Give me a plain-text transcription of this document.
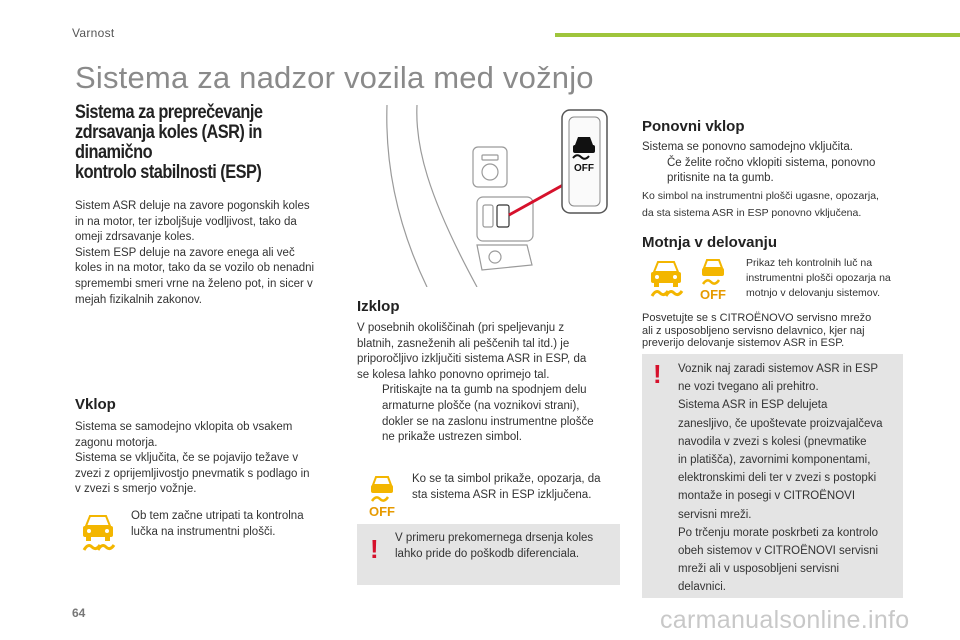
Varnost
Sistema za nadzor vozila med vožnjo
Sistema za preprečevanje
zdrsavanja koles (ASR) in dinamično
kontrolo stabilnosti (ESP)
Sistem ASR deluje na zavore pogonskih koles
in na motor, ter izboljšuje vodljivost, tako da
omeji zdrsavanje koles.
Sistem ESP deluje na zavore enega ali več
koles in na motor, tako da se vozilo ob nenadni
spremembi smeri vrne na želeno pot, in sicer v
mejah fizikalnih zakonov.
Vklop
Sistema se samodejno vklopita ob vsakem
zagonu motorja.
Sistema se vključita, če se pojavijo težave v
zvezi z oprijemljivostjo pnevmatik s podlago in
v zvezi s smerjo vožnje.
Ob tem začne utripati ta kontrolna
lučka na instrumentni plošči.
OFF
Izklop
V posebnih okoliščinah (pri speljevanju z
blatnih, zasneženih ali peščenih tal itd.) je
priporočljivo izključiti sistema ASR in ESP, da
se kolesa lahko ponovno oprimejo tal.
Pritiskajte na ta gumb na spodnjem delu
armaturne plošče (na voznikovi strani),
dokler se na zaslonu instrumentne plošče
ne prikaže ustrezen simbol.
OFF
Ko se ta simbol prikaže, opozarja, da
sta sistema ASR in ESP izključena.
! V primeru prekomernega drsenja koles
lahko pride do poškodb diferenciala.
Ponovni vklop
Sistema se ponovno samodejno vključita.
Če želite ročno vklopiti sistema, ponovno
pritisnite na ta gumb.
Ko simbol na instrumentni plošči ugasne, opozarja,
da sta sistema ASR in ESP ponovno vključena.
Motnja v delovanju
OFF
Prikaz teh kontrolnih luč na
instrumentni plošči opozarja na
motnjo v delovanju sistemov.
Posvetujte se s CITROËNOVO servisno mrežo
ali z usposobljeno servisno delavnico, kjer naj
preverijo delovanje sistemov ASR in ESP.
! Voznik naj zaradi sistemov ASR in ESP
ne vozi tvegano ali prehitro.
Sistema ASR in ESP delujeta
zanesljivo, če upoštevate proizvajalčeva
navodila v zvezi s kolesi (pnevmatike
in platišča), zavornimi komponentami,
elektronskimi deli ter v zvezi s postopki
montaže in posegi v CITROËNOVI
servisni mreži.
Po trčenju morate poskrbeti za kontrolo
obeh sistemov v CITROËNOVI servisni
mreži ali v usposobljeni servisni
delavnici.
64	carmanualsonline.info
